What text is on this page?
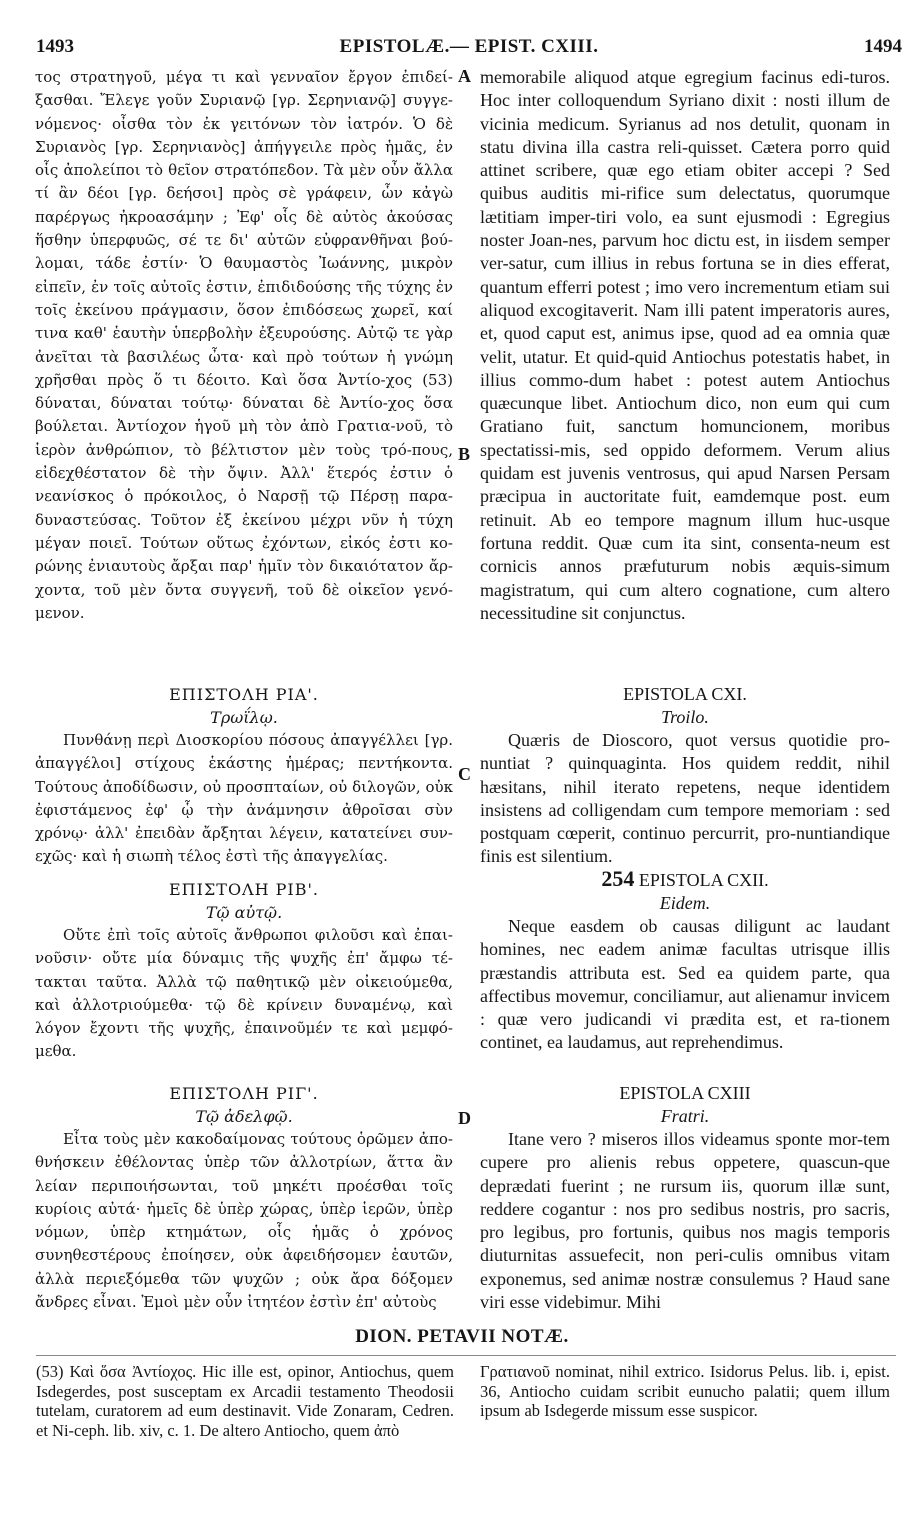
1493	EPISTOLÆ.— EPIST. CXIII.	1494

τος στρατηγοῦ, μέγα τι καὶ γενναῖον ἔργον ἐπιδεί-ξασθαι. Ἔλεγε γοῦν Συριανῷ [γρ. Σερηνιανῷ] συγγε-νόμενος· οἶσθα τὸν ἐκ γειτόνων τὸν ἰατρόν. Ὁ δὲ Συριανὸς [γρ. Σερηνιανὸς] ἀπήγγειλε πρὸς ἡμᾶς, ἐν οἷς ἀπολείποι τὸ θεῖον στρατόπεδον. Τὰ μὲν οὖν ἄλλα τί ἂν δέοι [γρ. δεήσοι] πρὸς σὲ γράφειν, ὧν κἀγὼ παρέργως ἠκροασάμην ; Ἐφ' οἷς δὲ αὐτὸς ἀκούσας ἥσθην ὑπερφυῶς, σέ τε δι' αὐτῶν εὐφρανθῆναι βού-λομαι, τάδε ἐστίν· Ὁ θαυμαστὸς Ἰωάννης, μικρὸν εἰπεῖν, ἐν τοῖς αὐτοῖς ἐστιν, ἐπιδιδούσης τῆς τύχης ἐν τοῖς ἐκείνου πράγμασιν, ὅσον ἐπιδόσεως χωρεῖ, καί τινα καθ' ἑαυτὴν ὑπερβολὴν ἐξευρούσης. Αὐτῷ τε γὰρ ἀνεῖται τὰ βασιλέως ὦτα· καὶ πρὸ τούτων ἡ γνώμη χρῆσθαι πρὸς ὅ τι δέοιτο. Καὶ ὅσα Ἀντίο-χος (53) δύναται, δύναται τούτῳ· δύναται δὲ Ἀντίο-χος ὅσα βούλεται. Ἀντίοχον ἡγοῦ μὴ τὸν ἀπὸ Γρατια-νοῦ, τὸ ἱερὸν ἀνθρώπιον, τὸ βέλτιστον μὲν τοὺς τρό-πους, εἰδεχθέστατον δὲ τὴν ὄψιν. Ἀλλ' ἕτερός ἐστιν ὁ νεανίσκος ὁ πρόκοιλος, ὁ Ναρσῇ τῷ Πέρσῃ παρα-δυναστεύσας. Τοῦτον ἐξ ἐκείνου μέχρι νῦν ἡ τύχη μέγαν ποιεῖ. Τούτων οὕτως ἐχόντων, εἰκός ἐστι κο-ρώνης ἐνιαυτοὺς ἄρξαι παρ' ἡμῖν τὸν δικαιότατον ἄρ-χοντα, τοῦ μὲν ὄντα συγγενῆ, τοῦ δὲ οἰκεῖον γενό-μενον.

ΕΠΙΣΤΟΛΗ ΡΙΑ'.
Τρωΐλῳ.

Πυνθάνῃ περὶ Διοσκορίου πόσους ἀπαγγέλλει [γρ. ἀπαγγέλοι] στίχους ἑκάστης ἡμέρας; πεντήκοντα. Τούτους ἀποδίδωσιν, οὐ προσπταίων, οὐ διλογῶν, οὐκ ἐφιστάμενος ἐφ' ᾧ τὴν ἀνάμνησιν ἀθροῖσαι σὺν χρόνῳ· ἀλλ' ἐπειδὰν ἄρξηται λέγειν, κατατείνει συν-εχῶς· καὶ ἡ σιωπὴ τέλος ἐστὶ τῆς ἀπαγγελίας.

ΕΠΙΣΤΟΛΗ ΡΙΒ'.
Τῷ αὐτῷ.

Οὔτε ἐπὶ τοῖς αὐτοῖς ἄνθρωποι φιλοῦσι καὶ ἐπαι-νοῦσιν· οὔτε μία δύναμις τῆς ψυχῆς ἐπ' ἄμφω τέ-τακται ταῦτα. Ἀλλὰ τῷ παθητικῷ μὲν οἰκειούμεθα, καὶ ἀλλοτριούμεθα· τῷ δὲ κρίνειν δυναμένῳ, καὶ λόγον ἔχοντι τῆς ψυχῆς, ἐπαινοῦμέν τε καὶ μεμφό-μεθα.

ΕΠΙΣΤΟΛΗ ΡΙΓ'.
Τῷ ἀδελφῷ.

Εἶτα τοὺς μὲν κακοδαίμονας τούτους ὁρῶμεν ἀπο-θνήσκειν ἐθέλοντας ὑπὲρ τῶν ἀλλοτρίων, ἅττα ἂν λείαν περιποιήσωνται, τοῦ μηκέτι προέσθαι τοῖς κυρίοις αὐτά· ἡμεῖς δὲ ὑπὲρ χώρας, ὑπὲρ ἱερῶν, ὑπὲρ νόμων, ὑπὲρ κτημάτων, οἷς ἡμᾶς ὁ χρόνος συνηθεστέρους ἐποίησεν, οὐκ ἀφειδήσομεν ἑαυτῶν, ἀλλὰ περιεξόμεθα τῶν ψυχῶν ; οὐκ ἄρα δόξομεν ἄνδρες εἶναι. Ἐμοὶ μὲν οὖν ἰτητέον ἐστὶν ἐπ' αὐτοὺς

A
B
C
D

memorabile aliquod atque egregium facinus edi-turos. Hoc inter colloquendum Syriano dixit : nosti illum de vicinia medicum. Syrianus ad nos detulit, quonam in statu divina illa castra reli-quisset. Cætera porro quid attinet scribere, quæ ego etiam obiter accepi ? Sed quibus auditis mi-rifice sum delectatus, quorumque lætitiam imper-tiri volo, ea sunt ejusmodi : Egregius noster Joan-nes, parvum hoc dictu est, in iisdem semper ver-satur, cum illius in rebus fortuna se in dies efferat, quantum efferri potest ; imo vero incrementum etiam sui aliquod excogitaverit. Nam illi patent imperatoris aures, et, quod caput est, animus ipse, quod ad ea omnia quæ velit, utatur. Et quid-quid Antiochus potestatis habet, in illius commo-dum habet : potest autem Antiochus quæcunque libet. Antiochum dico, non eum qui cum Gratiano fuit, sanctum homuncionem, moribus spectatissi-mis, sed oppido deformem. Verum alius quidam est juvenis ventrosus, qui apud Narsen Persam præcipua in auctoritate fuit, eamdemque post. eum retinuit. Ab eo tempore magnum illum huc-usque fortuna reddit. Quæ cum ita sint, consenta-neum est cornicis annos præfuturum nobis æquis-simum magistratum, qui cum altero cognatione, cum altero necessitudine sit conjunctus.

EPISTOLA CXI.
Troilo.

Quæris de Dioscoro, quot versus quotidie pro-nuntiat ? quinquaginta. Hos quidem reddit, nihil hæsitans, nihil iterato repetens, neque identidem insistens ad colligendam cum tempore memoriam : sed postquam cœperit, continuo percurrit, pro-nuntiandique finis est silentium.

254 EPISTOLA CXII.
Eidem.

Neque easdem ob causas diligunt ac laudant homines, nec eadem animæ facultas utrisque illis præstandis attributa est. Sed ea quidem parte, qua affectibus movemur, conciliamur, aut alienamur invicem : quæ vero judicandi vi prædita est, et ra-tionem continet, ea laudamus, aut reprehendimus.

EPISTOLA CXIII
Fratri.

Itane vero ? miseros illos videamus sponte mor-tem cupere pro alienis rebus oppetere, quascun-que deprædati fuerint ; ne rursum iis, quorum illæ sunt, reddere cogantur : nos pro sedibus nostris, pro sacris, pro legibus, pro fortunis, quibus nos magis temporis diuturnitas assuefecit, non peri-culis omnibus vitam exponemus, sed animæ nostræ consulemus ? Haud sane viri esse videbimur. Mihi

DION. PETAVII NOTÆ.
(53) Καὶ ὅσα Ἀντίοχος. Hic ille est, opinor, Antiochus, quem Isdegerdes, post susceptam ex Arcadii testamento Theodosii tutelam, curatorem ad eum destinavit. Vide Zonaram, Cedren. et Ni-ceph. lib. xiv, c. 1. De altero Antiocho, quem ἀπὸ
Γρατιανοῦ nominat, nihil extrico. Isidorus Pelus. lib. i, epist. 36, Antiocho cuidam scribit eunucho palatii; quem illum ipsum ab Isdegerde missum esse suspicor.
